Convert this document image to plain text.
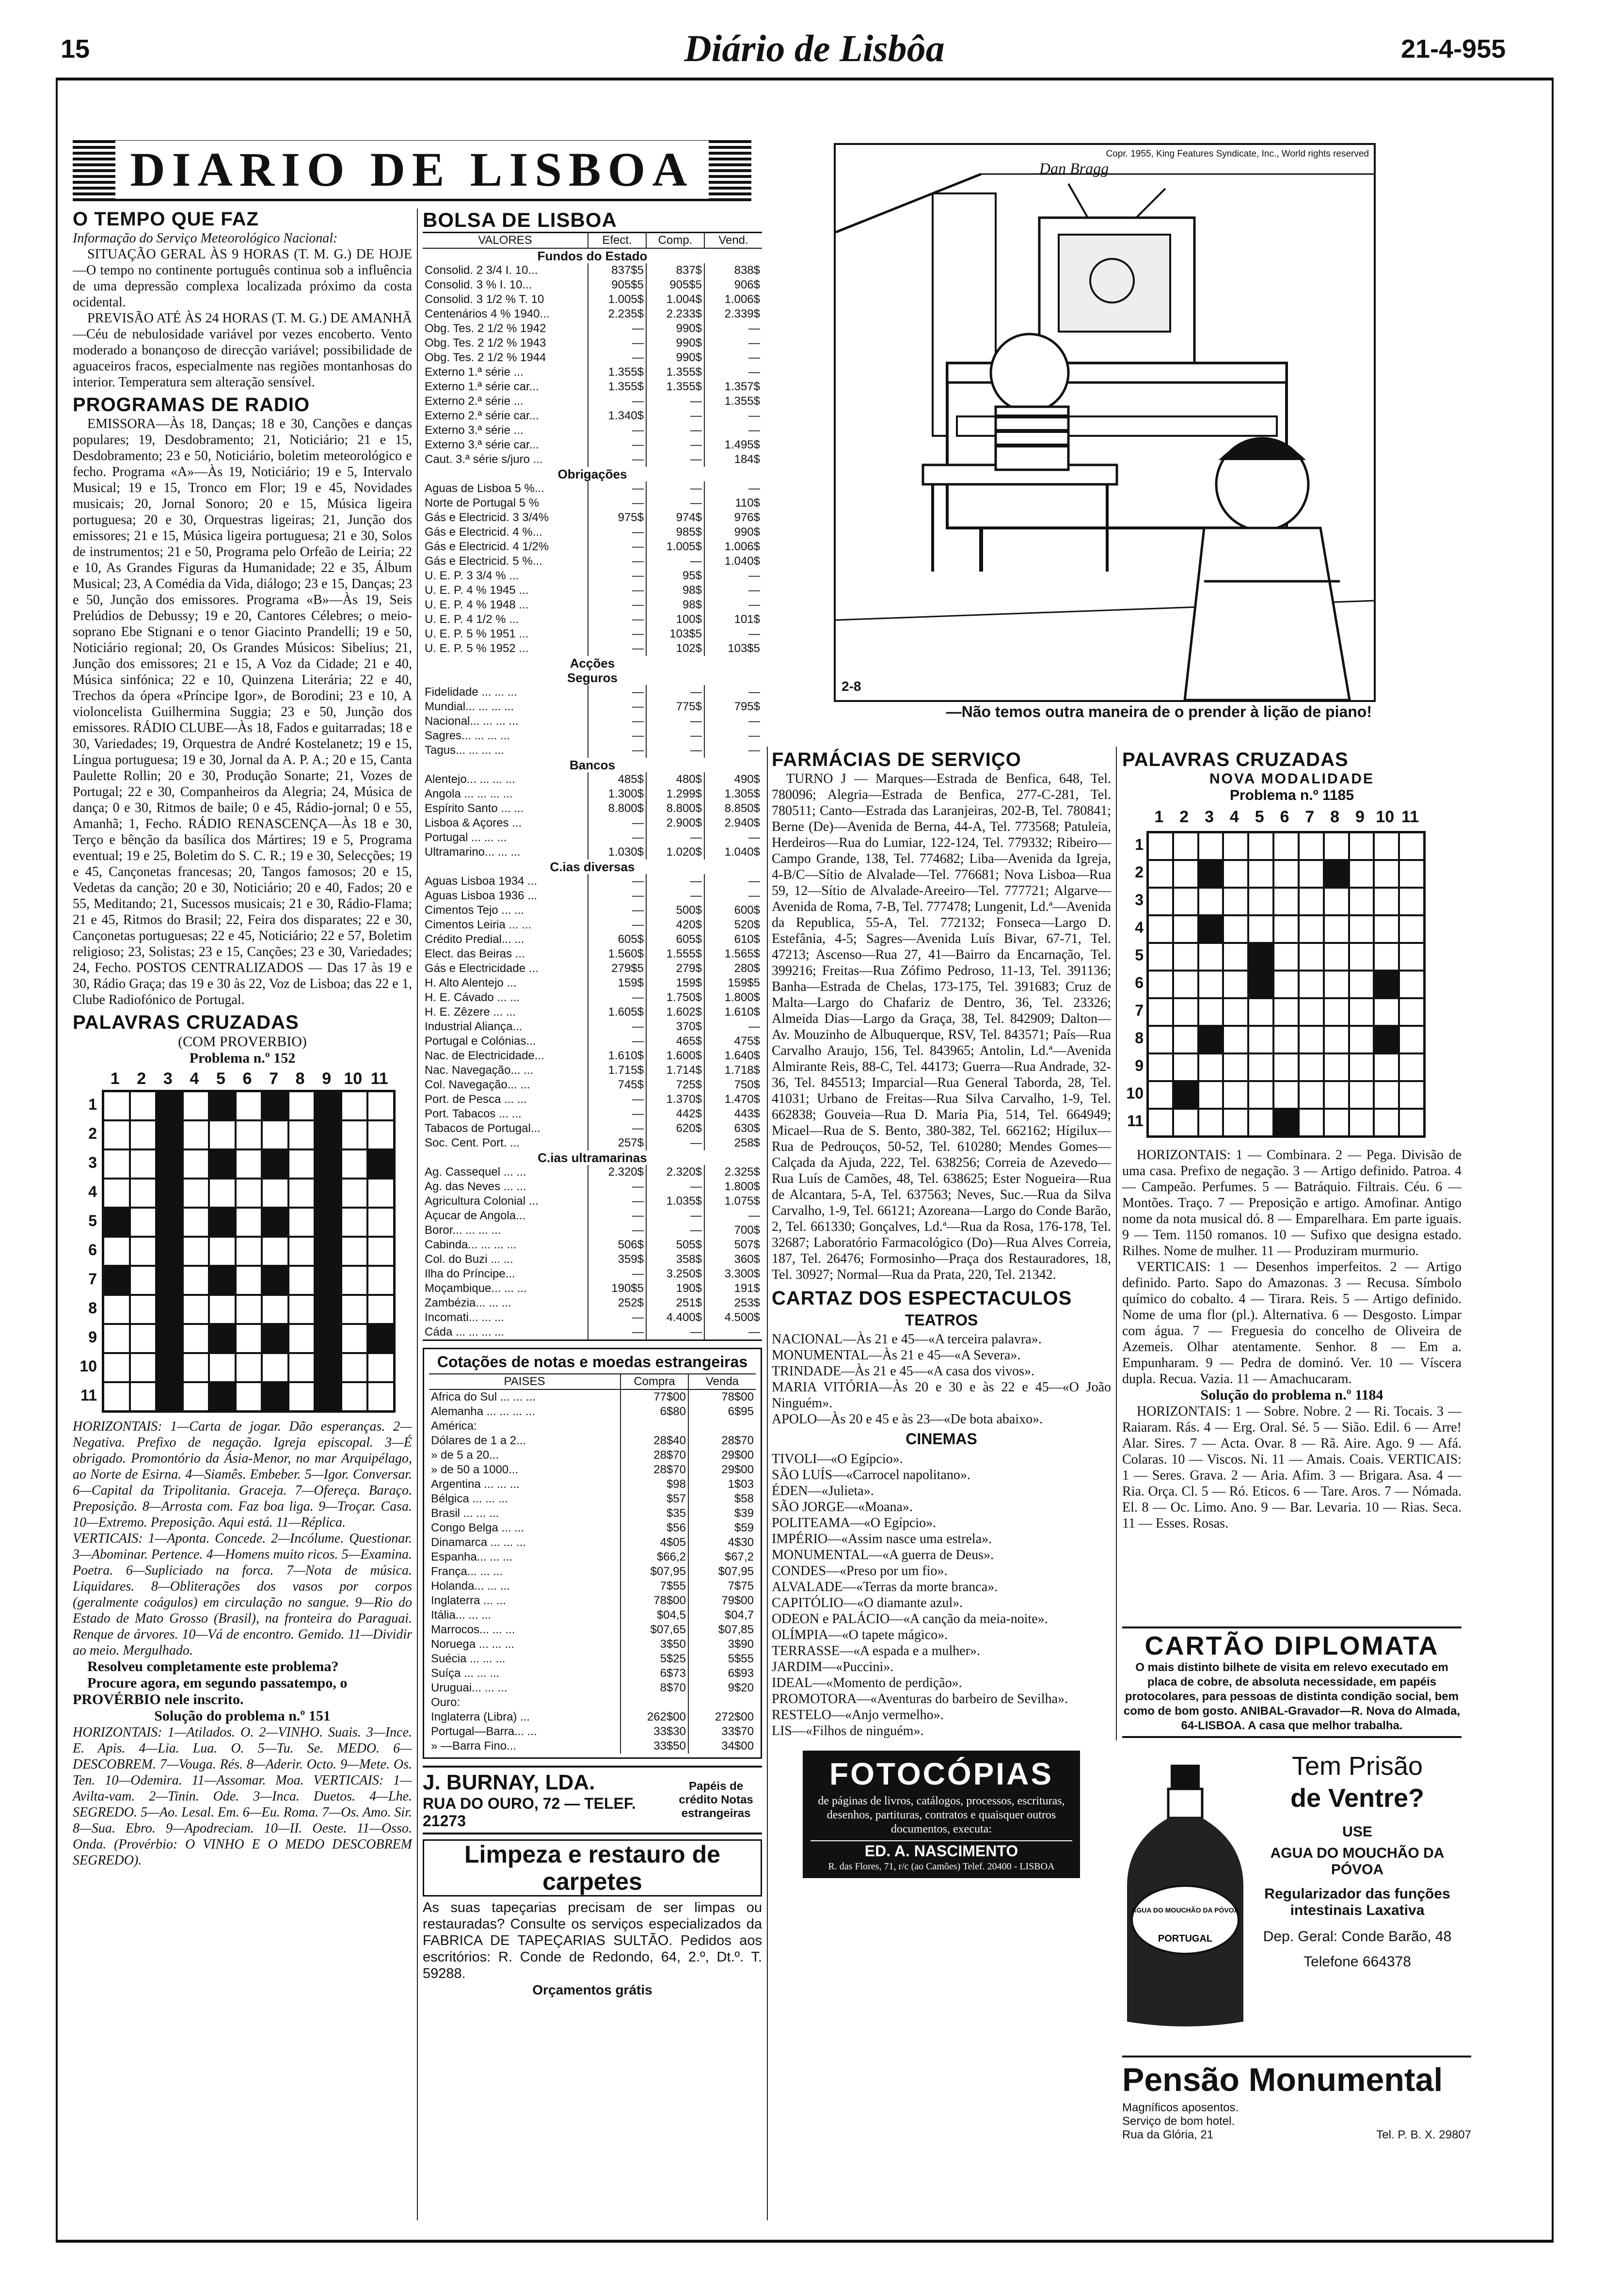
15	Diário de Lisbôa	21-4-955
DIARIO DE LISBOA
O TEMPO QUE FAZ
Informação do Serviço Meteorológico Nacional:
SITUAÇÃO GERAL ÀS 9 HORAS (T. M. G.) DE HOJE—O tempo no continente português continua sob a influência de uma depressão complexa localizada próximo da costa ocidental.
PREVISÃO ATÉ ÀS 24 HORAS (T. M. G.) DE AMANHÃ—Céu de nebulosidade variável por vezes encoberto. Vento moderado a bonançoso de direcção variável; possibilidade de aguaceiros fracos, especialmente nas regiões montanhosas do interior. Temperatura sem alteração sensível.
PROGRAMAS DE RADIO
EMISSORA—Às 18, Danças; 18 e 30, Canções e danças populares; 19, Desdobramento; 21, Noticiário; 21 e 15, Desdobramento; 23 e 50, Noticiário, boletim meteorológico e fecho. Programa «A»—Às 19, Noticiário; 19 e 5, Intervalo Musical; 19 e 15, Tronco em Flor; 19 e 45, Novidades musicais; 20, Jornal Sonoro; 20 e 15, Música ligeira portuguesa; 20 e 30, Orquestras ligeiras; 21, Junção dos emissores; 21 e 15, Música ligeira portuguesa; 21 e 30, Solos de instrumentos; 21 e 50, Programa pelo Orfeão de Leiria; 22 e 10, As Grandes Figuras da Humanidade; 22 e 35, Álbum Musical; 23, A Comédia da Vida, diálogo; 23 e 15, Danças; 23 e 50, Junção dos emissores. Programa «B»—Às 19, Seis Prelúdios de Debussy; 19 e 20, Cantores Célebres; o meio-soprano Ebe Stignani e o tenor Giacinto Prandelli; 19 e 50, Noticiário regional; 20, Os Grandes Músicos: Sibelius; 21, Junção dos emissores; 21 e 15, A Voz da Cidade; 21 e 40, Música sinfónica; 22 e 10, Quinzena Literária; 22 e 40, Trechos da ópera «Príncipe Igor», de Borodini; 23 e 10, A violoncelista Guilhermina Suggia; 23 e 50, Junção dos emissores. RÁDIO CLUBE—Às 18, Fados e guitarradas; 18 e 30, Variedades; 19, Orquestra de André Kostelanetz; 19 e 15, Língua portuguesa; 19 e 30, Jornal da A. P. A.; 20 e 15, Canta Paulette Rollin; 20 e 30, Produção Sonarte; 21, Vozes de Portugal; 22 e 30, Companheiros da Alegria; 24, Música de dança; 0 e 30, Ritmos de baile; 0 e 45, Rádio-jornal; 0 e 55, Amanhã; 1, Fecho. RÁDIO RENASCENÇA—Às 18 e 30, Terço e bênção da basílica dos Mártires; 19 e 5, Programa eventual; 19 e 25, Boletim do S. C. R.; 19 e 30, Selecções; 19 e 45, Cançonetas francesas; 20, Tangos famosos; 20 e 15, Vedetas da canção; 20 e 30, Noticiário; 20 e 40, Fados; 20 e 55, Meditando; 21, Sucessos musicais; 21 e 30, Rádio-Flama; 21 e 45, Ritmos do Brasil; 22, Feira dos disparates; 22 e 30, Cançonetas portuguesas; 22 e 45, Noticiário; 22 e 57, Boletim religioso; 23, Solistas; 23 e 15, Canções; 23 e 30, Variedades; 24, Fecho. POSTOS CENTRALIZADOS — Das 17 às 19 e 30, Rádio Graça; das 19 e 30 às 22, Voz de Lisboa; das 22 e 1, Clube Radiofónico de Portugal.
PALAVRAS CRUZADAS
(COM PROVERBIO)
Problema n.º 152
1	2	3	4	5	6	7	8	9 10 11
1
2
3
4
5
6
7
8
9
10
11
HORIZONTAIS: 1—Carta de jogar. Dão esperanças. 2—Negativa. Prefixo de negação. Igreja episcopal. 3—É obrigado. Promontório da Ásia-Menor, no mar Arquipélago, ao Norte de Esirna. 4—Siamês. Embeber. 5—Igor. Conversar. 6—Capital da Tripolitania. Graceja. 7—Ofereça. Baraço. Preposição. 8—Arrosta com. Faz boa liga. 9—Troçar. Casa. 10—Extremo. Preposição. Aqui está. 11—Réplica.
VERTICAIS: 1—Aponta. Concede. 2—Incólume. Questionar. 3—Abominar. Pertence. 4—Homens muito ricos. 5—Examina. Poetra. 6—Supliciado na forca. 7—Nota de música. Liquidares. 8—Obliterações dos vasos por corpos (geralmente coágulos) em circulação no sangue. 9—Rio do Estado de Mato Grosso (Brasil), na fronteira do Paraguai. Renque de árvores. 10—Vá de encontro. Gemido. 11—Dividir ao meio. Mergulhado.
Resolveu completamente este problema?
Procure agora, em segundo passatempo, o PROVÉRBIO nele inscrito.
Solução do problema n.º 151
HORIZONTAIS: 1—Atilados. O. 2—VINHO. Suais. 3—Ince. E. Apis. 4—Lia. Lua. O. 5—Tu. Se. MEDO. 6—DESCOBREM. 7—Vouga. Rés. 8—Aderir. Octo. 9—Mete. Os. Ten. 10—Odemira. 11—Assomar. Moa. VERTICAIS: 1—Avilta-vam. 2—Tinin. Ode. 3—Inca. Duetos. 4—Lhe. SEGREDO. 5—Ao. Lesal. Em. 6—Eu. Roma. 7—Os. Amo. Sir. 8—Sua. Ebro. 9—Apodreciam. 10—II. Oeste. 11—Osso. Onda. (Provérbio: O VINHO E O MEDO DESCOBREM SEGREDO).
BOLSA DE LISBOA
VALORES	Efect.	Comp.	Vend.
Fundos do Estado			
Consolid. 2 3/4 I. 10...	837$5	837$	838$
Consolid. 3 % I. 10...	905$5	905$5	906$
Consolid. 3 1/2 % T. 10	1.005$	1.004$	1.006$
Centenários 4 % 1940...	2.235$	2.233$	2.339$
Obg. Tes. 2 1/2 % 1942	—	990$	—
Obg. Tes. 2 1/2 % 1943	—	990$	—
Obg. Tes. 2 1/2 % 1944	—	990$	—
Externo 1.ª série ...	1.355$	1.355$	—
Externo 1.ª série car...	1.355$	1.355$	1.357$
Externo 2.ª série ...	—	—	1.355$
Externo 2.ª série car...	1.340$	—	—
Externo 3.ª série ...	—	—	—
Externo 3.ª série car...	—	—	1.495$
Caut. 3.ª série s/juro ...	—	—	184$
Obrigações			
Aguas de Lisboa 5 %...	—	—	—
Norte de Portugal 5 %	—	—	110$
Gás e Electricid. 3 3/4%	975$	974$	976$
Gás e Electricid. 4 %...	—	985$	990$
Gás e Electricid. 4 1/2%	—	1.005$	1.006$
Gás e Electricid. 5 %...	—	—	1.040$
U. E. P. 3 3/4 % ...	—	95$	—
U. E. P. 4 % 1945 ...	—	98$	—
U. E. P. 4 % 1948 ...	—	98$	—
U. E. P. 4 1/2 % ...	—	100$	101$
U. E. P. 5 % 1951 ...	—	103$5	—
U. E. P. 5 % 1952 ...	—	102$	103$5
Acções			
Seguros			
Fidelidade ... ... ...	—	—	—
Mundial... ... ... ...	—	775$	795$
Nacional... ... ... ...	—	—	—
Sagres... ... ... ...	—	—	—
Tagus... ... ... ...	—	—	—
Bancos			
Alentejo... ... ... ...	485$	480$	490$
Angola ... ... ... ...	1.300$	1.299$	1.305$
Espírito Santo ... ...	8.800$	8.800$	8.850$
Lisboa & Açores ...	—	2.900$	2.940$
Portugal ... ... ...	—	—	—
Ultramarino... ... ...	1.030$	1.020$	1.040$
C.ias diversas			
Aguas Lisboa 1934 ...	—	—	—
Aguas Lisboa 1936 ...	—	—	—
Cimentos Tejo ... ...	—	500$	600$
Cimentos Leiria ... ...	—	420$	520$
Crédito Predial... ...	605$	605$	610$
Elect. das Beiras ...	1.560$	1.555$	1.565$
Gás e Electricidade ...	279$5	279$	280$
H. Alto Alentejo ...	159$	159$	159$5
H. E. Cávado ... ...	—	1.750$	1.800$
H. E. Zêzere ... ...	1.605$	1.602$	1.610$
Industrial Aliança...	—	370$	—
Portugal e Colónias...	—	465$	475$
Nac. de Electricidade...	1.610$	1.600$	1.640$
Nac. Navegação... ...	1.715$	1.714$	1.718$
Col. Navegação... ...	745$	725$	750$
Port. de Pesca ... ...	—	1.370$	1.470$
Port. Tabacos ... ...	—	442$	443$
Tabacos de Portugal...	—	620$	630$
Soc. Cent. Port. ...	257$	—	258$
C.ias ultramarinas			
Ag. Cassequel ... ...	2.320$	2.320$	2.325$
Ag. das Neves ... ...	—	—	1.800$
Agricultura Colonial ...	—	1.035$	1.075$
Açucar de Angola...	—	—	—
Boror... ... ... ...	—	—	700$
Cabinda... ... ... ...	506$	505$	507$
Col. do Buzi ... ...	359$	358$	360$
Ilha do Príncipe...	—	3.250$	3.300$
Moçambique... ... ...	190$5	190$	191$
Zambézia... ... ...	252$	251$	253$
Incomati... ... ...	—	4.400$	4.500$
Cáda ... ... ... ...	—	—	—
Cotações de notas e moedas estrangeiras
PAISES	Compra	Venda
Africa do Sul ... ... ...	77$00	78$00
Alemanha ... ... ... ...	6$80	6$95
América:		
Dólares de 1 a 2...	28$40	28$70
» de 5 a 20...	28$70	29$00
» de 50 a 1000...	28$70	29$00
Argentina ... ... ...	$98	1$03
Bélgica ... ... ...	$57	$58
Brasil ... ... ...	$35	$39
Congo Belga ... ...	$56	$59
Dinamarca ... ... ...	4$05	4$30
Espanha... ... ...	$66,2	$67,2
França... ... ...	$07,95	$07,95
Holanda... ... ...	7$55	7$75
Inglaterra ... ...	78$00	79$00
Itália... ... ...	$04,5	$04,7
Marrocos... ... ...	$07,65	$07,85
Noruega ... ... ...	3$50	3$90
Suécia ... ... ...	5$25	5$55
Suíça ... ... ...	6$73	6$93
Uruguai... ... ...	8$70	9$20
Ouro:		
Inglaterra (Libra) ...	262$00	272$00
Portugal—Barra... ...	33$30	33$70
» —Barra Fino...	33$50	34$00
J. BURNAY, LDA.
RUA DO OURO, 72 — TELEF. 21273
Papéis de crédito Notas estrangeiras
Limpeza e restauro de carpetes
As suas tapeçarias precisam de ser limpas ou restauradas? Consulte os serviços especializados da FABRICA DE TAPEÇARIAS SULTÃO. Pedidos aos escritórios: R. Conde de Redondo, 64, 2.º, Dt.º. T. 59288.
Orçamentos grátis
Copr. 1955, King Features Syndicate, Inc., World rights reserved
Dan Bragg
2-8
—Não temos outra maneira de o prender à lição de piano!
FARMÁCIAS DE SERVIÇO
TURNO J — Marques—Estrada de Benfica, 648, Tel. 780096; Alegria—Estrada de Benfica, 277-C-281, Tel. 780511; Canto—Estrada das Laranjeiras, 202-B, Tel. 780841; Berne (De)—Avenida de Berna, 44-A, Tel. 773568; Patuleia, Herdeiros—Rua do Lumiar, 122-124, Tel. 779332; Ribeiro—Campo Grande, 138, Tel. 774682; Liba—Avenida da Igreja, 4-B/C—Sítio de Alvalade—Tel. 776681; Nova Lisboa—Rua 59, 12—Sítio de Alvalade-Areeiro—Tel. 777721; Algarve—Avenida de Roma, 7-B, Tel. 777478; Lungenit, Ld.ª—Avenida da Republica, 55-A, Tel. 772132; Fonseca—Largo D. Estefânia, 4-5; Sagres—Avenida Luís Bivar, 67-71, Tel. 47213; Ascenso—Rua 27, 41—Bairro da Encarnação, Tel. 399216; Freitas—Rua Zófimo Pedroso, 11-13, Tel. 391136; Banha—Estrada de Chelas, 173-175, Tel. 391683; Cruz de Malta—Largo do Chafariz de Dentro, 36, Tel. 23326; Almeida Dias—Largo da Graça, 38, Tel. 842909; Dalton—Av. Mouzinho de Albuquerque, RSV, Tel. 843571; País—Rua Carvalho Araujo, 156, Tel. 843965; Antolin, Ld.ª—Avenida Almirante Reis, 88-C, Tel. 44173; Guerra—Rua Andrade, 32-36, Tel. 845513; Imparcial—Rua General Taborda, 28, Tel. 41031; Urbano de Freitas—Rua Silva Carvalho, 1-9, Tel. 662838; Gouveia—Rua D. Maria Pia, 514, Tel. 664949; Micael—Rua de S. Bento, 380-382, Tel. 662162; Hígilux—Rua de Pedrouços, 50-52, Tel. 610280; Mendes Gomes—Calçada da Ajuda, 222, Tel. 638256; Correia de Azevedo—Rua Luís de Camões, 48, Tel. 638625; Ester Nogueira—Rua de Alcantara, 5-A, Tel. 637563; Neves, Suc.—Rua da Silva Carvalho, 1-9, Tel. 66121; Azoreana—Largo do Conde Barão, 2, Tel. 661330; Gonçalves, Ld.ª—Rua da Rosa, 176-178, Tel. 32687; Laboratório Farmacológico (Do)—Rua Alves Correia, 187, Tel. 26476; Formosinho—Praça dos Restauradores, 18, Tel. 30927; Normal—Rua da Prata, 220, Tel. 21342.
CARTAZ DOS ESPECTACULOS
TEATROS
NACIONAL—Às 21 e 45—«A terceira palavra».
MONUMENTAL—Às 21 e 45—«A Severa».
TRINDADE—Às 21 e 45—«A casa dos vivos».
MARIA VITÓRIA—Às 20 e 30 e às 22 e 45—«O João Ninguém».
APOLO—Às 20 e 45 e às 23—«De bota abaixo».
CINEMAS
TIVOLI—«O Egípcio».
SÃO LUÍS—«Carrocel napolitano».
ÉDEN—«Julieta».
SÃO JORGE—«Moana».
POLITEAMA—«O Egípcio».
IMPÉRIO—«Assim nasce uma estrela».
MONUMENTAL—«A guerra de Deus».
CONDES—«Preso por um fio».
ALVALADE—«Terras da morte branca».
CAPITÓLIO—«O diamante azul».
ODEON e PALÁCIO—«A canção da meia-noite».
OLÍMPIA—«O tapete mágico».
TERRASSE—«A espada e a mulher».
JARDIM—«Puccini».
IDEAL—«Momento de perdição».
PROMOTORA—«Aventuras do barbeiro de Sevilha».
RESTELO—«Anjo vermelho».
LIS—«Filhos de ninguém».
FOTOCÓPIAS
de páginas de livros, catálogos, processos, escrituras, desenhos, partituras, contratos e quaisquer outros documentos, executa:
ED. A. NASCIMENTO
R. das Flores, 71, r/c (ao Camões) Telef. 20400 - LISBOA
PALAVRAS CRUZADAS
NOVA MODALIDADE
Problema n.º 1185
1 2 3 4 5 6 7 8 9 10 11
1
2
3
4
5
6
7
8
9
10
11
HORIZONTAIS: 1 — Combinara. 2 — Pega. Divisão de uma casa. Prefixo de negação. 3 — Artigo definido. Patroa. 4 — Campeão. Perfumes. 5 — Batráquio. Filtrais. Céu. 6 — Montões. Traço. 7 — Preposição e artigo. Amofinar. Antigo nome da nota musical dó. 8 — Emparelhara. Em parte iguais. 9 — Tem. 1150 romanos. 10 — Sufixo que designa estado. Rilhes. Nome de mulher. 11 — Produziram murmurio.
VERTICAIS: 1 — Desenhos imperfeitos. 2 — Artigo definido. Parto. Sapo do Amazonas. 3 — Recusa. Símbolo químico do cobalto. 4 — Tirara. Reis. 5 — Artigo definido. Nome de uma flor (pl.). Alternativa. 6 — Desgosto. Limpar com água. 7 — Freguesia do concelho de Oliveira de Azemeis. Olhar atentamente. Senhor. 8 — Em a. Empunharam. 9 — Pedra de dominó. Ver. 10 — Víscera dupla. Recua. Vazia. 11 — Amachucaram.
Solução do problema n.º 1184
HORIZONTAIS: 1 — Sobre. Nobre. 2 — Ri. Tocais. 3 — Raiaram. Rás. 4 — Erg. Oral. Sé. 5 — Sião. Edil. 6 — Arre! Alar. Sires. 7 — Acta. Ovar. 8 — Rã. Aire. Ago. 9 — Afá. Colaras. 10 — Viscos. Ni. 11 — Amais. Coais. VERTICAIS: 1 — Seres. Grava. 2 — Aria. Afim. 3 — Brigara. Asa. 4 — Ria. Orça. Cl. 5 — Ró. Eticos. 6 — Tare. Aros. 7 — Nómada. El. 8 — Oc. Limo. Ano. 9 — Bar. Levaria. 10 — Rias. Seca. 11 — Esses. Rosas.
CARTÃO DIPLOMATA
O mais distinto bilhete de visita em relevo executado em placa de cobre, de absoluta necessidade, em papéis protocolares, para pessoas de distinta condição social, bem como de bom gosto. ANIBAL-Gravador—R. Nova do Almada, 64-LISBOA. A casa que melhor trabalha.
AGUA DO MOUCHÃO DA PÓVOA
PORTUGAL
Tem Prisão
de Ventre?
USE
AGUA DO MOUCHÃO DA PÓVOA
Regularizador das funções intestinais Laxativa
Dep. Geral: Conde Barão, 48
Telefone 664378
Pensão Monumental
Magníficos aposentos.
Serviço de bom hotel.
Rua da Glória, 21	Tel. P. B. X. 29807
